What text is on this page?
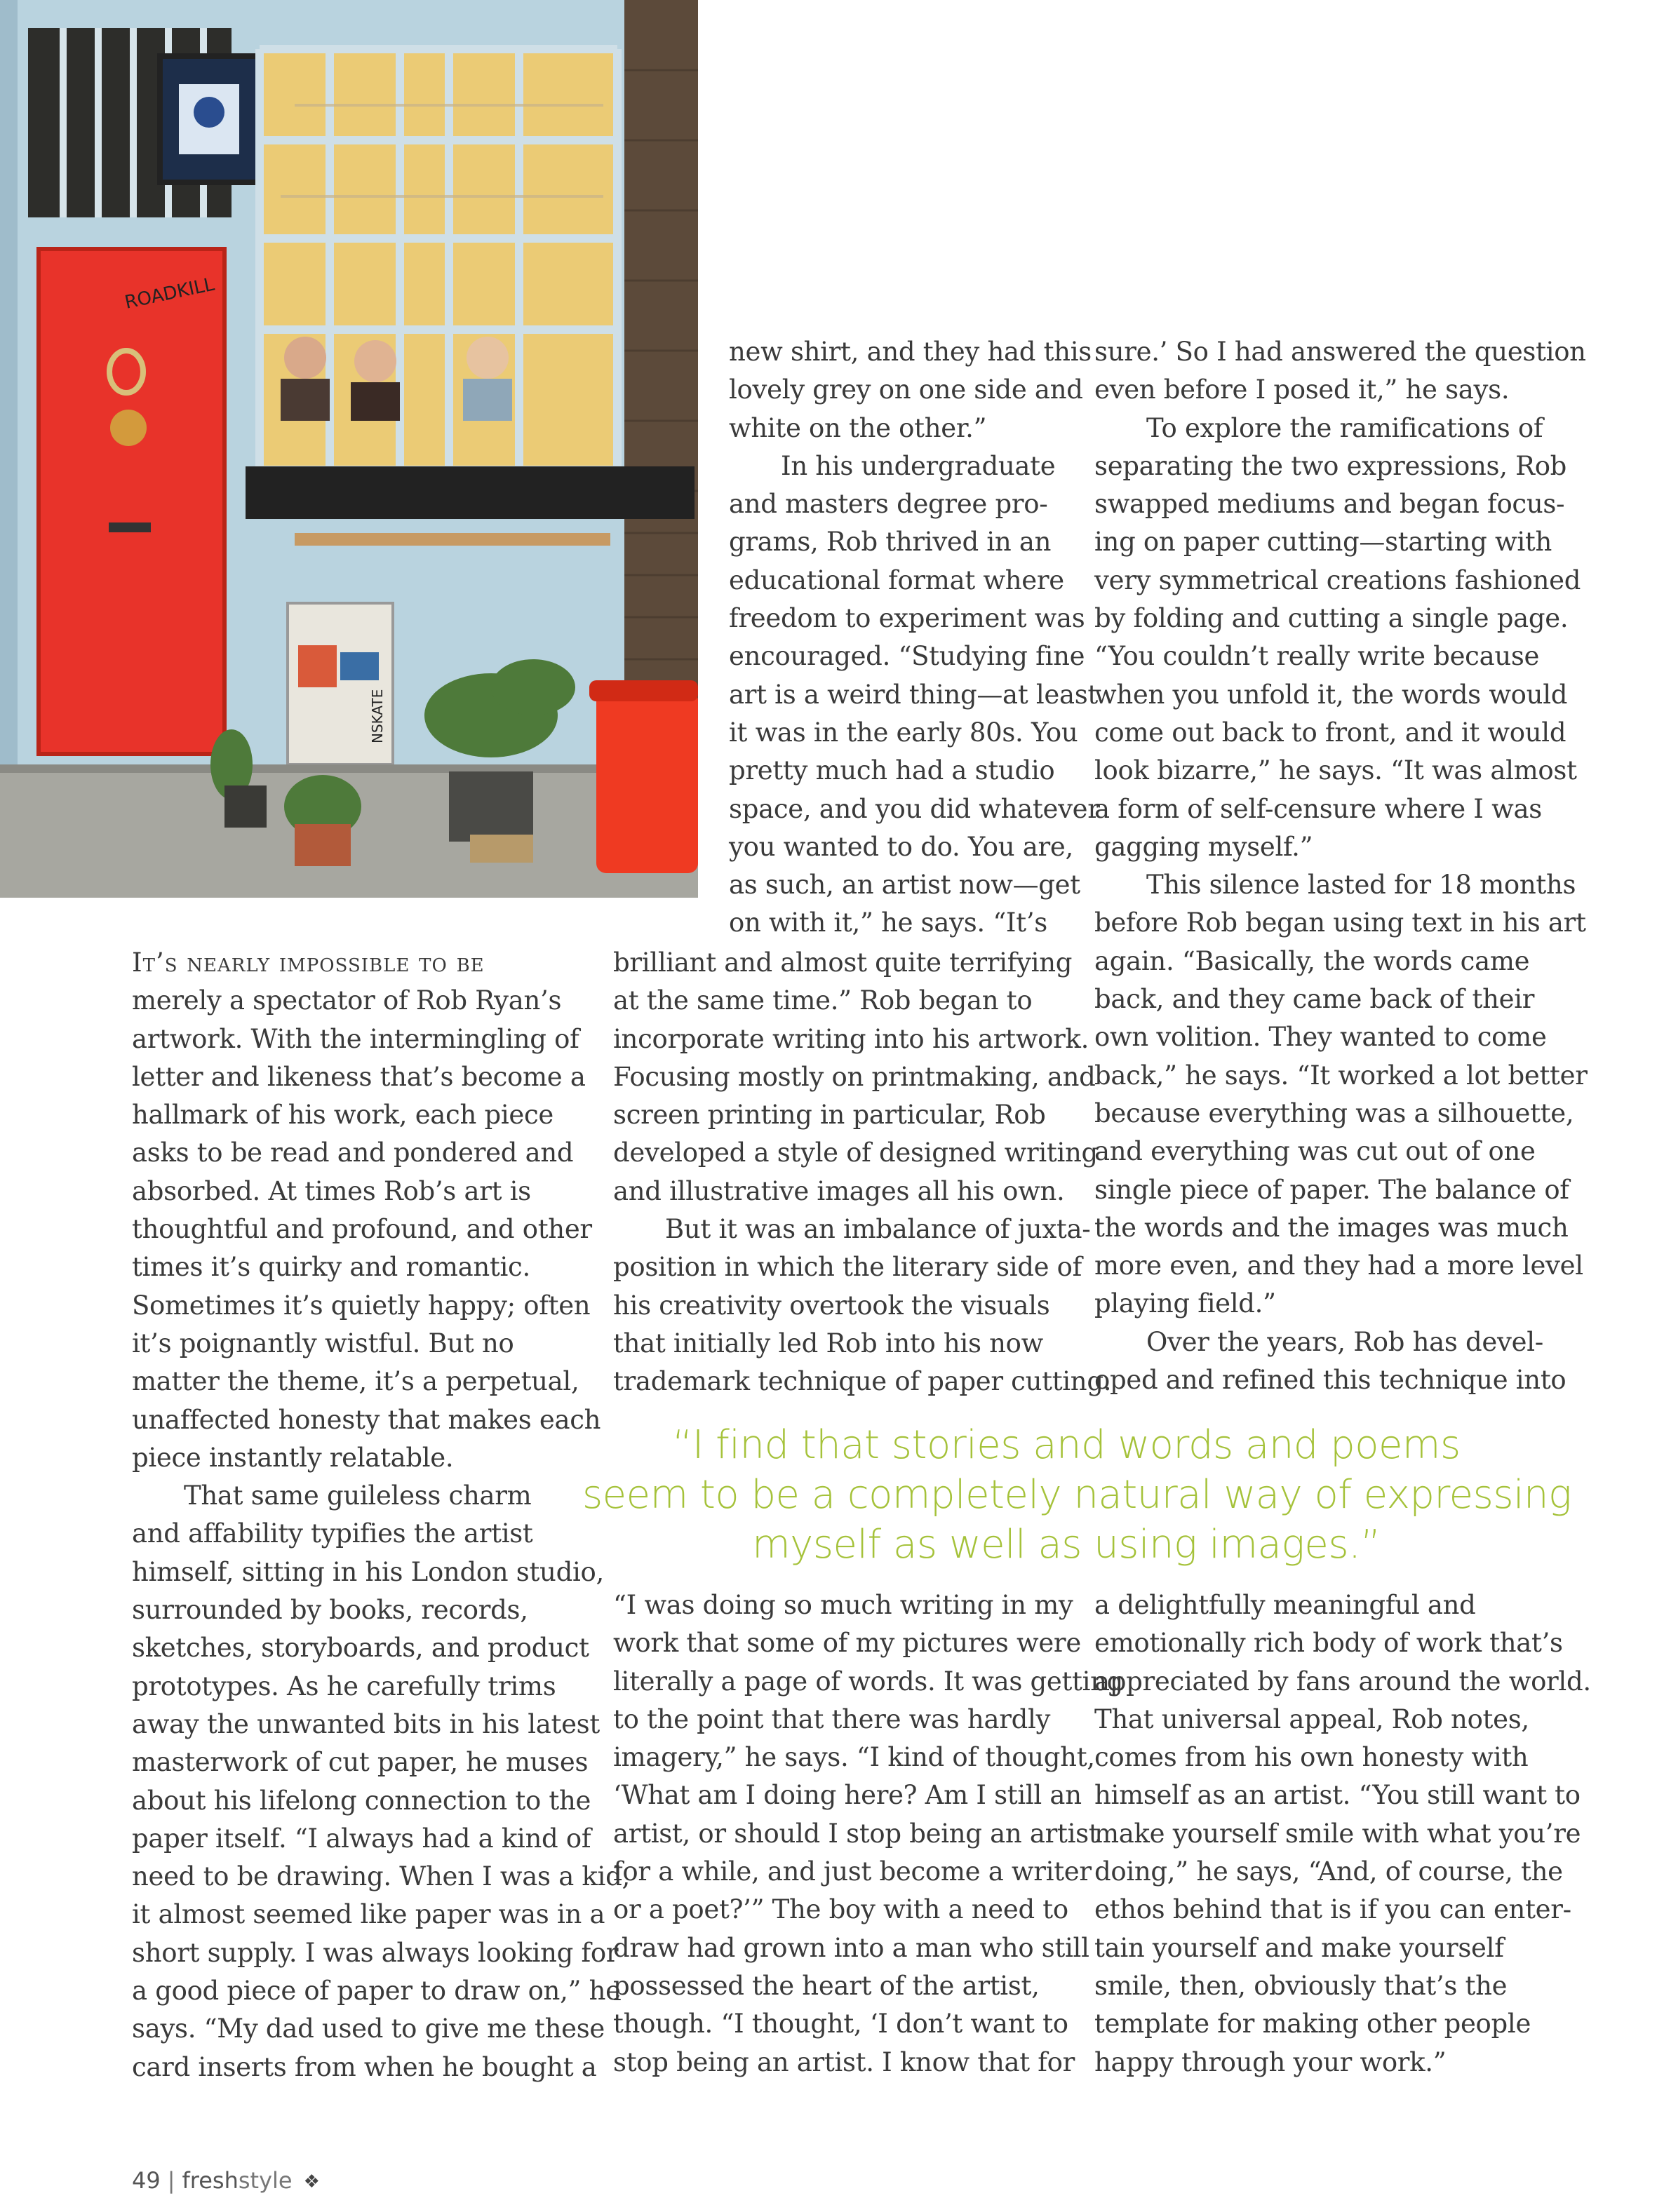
ROADKILL
NSKATE

It’s nearly impossible to be

merely a spectator of Rob Ryan’s

artwork. With the intermingling of

letter and likeness that’s become a

hallmark of his work, each piece

asks to be read and pondered and

absorbed. At times Rob’s art is

thoughtful and profound, and other

times it’s quirky and romantic.

Sometimes it’s quietly happy; often

it’s poignantly wistful. But no

matter the theme, it’s a perpetual,

unaffected honesty that makes each

piece instantly relatable.

That same guileless charm

and affability typifies the artist

himself, sitting in his London studio,

surrounded by books, records,

sketches, storyboards, and product

prototypes. As he carefully trims

away the unwanted bits in his latest

masterwork of cut paper, he muses

about his lifelong connection to the

paper itself. “I always had a kind of

need to be drawing. When I was a kid,

it almost seemed like paper was in a

short supply. I was always looking for

a good piece of paper to draw on,” he

says. “My dad used to give me these

card inserts from when he bought a

new shirt, and they had this

lovely grey on one side and

white on the other.”

In his undergraduate

and masters degree pro-

grams, Rob thrived in an

educational format where

freedom to experiment was

encouraged. “Studying fine

art is a weird thing—at least

it was in the early 80s. You

pretty much had a studio

space, and you did whatever

you wanted to do. You are,

as such, an artist now—get

on with it,” he says. “It’s

brilliant and almost quite terrifying

at the same time.” Rob began to

incorporate writing into his artwork.

Focusing mostly on printmaking, and

screen printing in particular, Rob

developed a style of designed writing

and illustrative images all his own.

But it was an imbalance of juxta-

position in which the literary side of

his creativity overtook the visuals

that initially led Rob into his now

trademark technique of paper cutting.

sure.’ So I had answered the question

even before I posed it,” he says.

To explore the ramifications of

separating the two expressions, Rob

swapped mediums and began focus-

ing on paper cutting—starting with

very symmetrical creations fashioned

by folding and cutting a single page.

“You couldn’t really write because

when you unfold it, the words would

come out back to front, and it would

look bizarre,” he says. “It was almost

a form of self-censure where I was

gagging myself.”

This silence lasted for 18 months

before Rob began using text in his art

again. “Basically, the words came

back, and they came back of their

own volition. They wanted to come

back,” he says. “It worked a lot better

because everything was a silhouette,

and everything was cut out of one

single piece of paper. The balance of

the words and the images was much

more even, and they had a more level

playing field.”

Over the years, Rob has devel-

oped and refined this technique into

“I find that stories and words and poems
seem to be a completely natural way of expressing
myself as well as using images.”

“I was doing so much writing in my

work that some of my pictures were

literally a page of words. It was getting

to the point that there was hardly

imagery,” he says. “I kind of thought,

‘What am I doing here? Am I still an

artist, or should I stop being an artist

for a while, and just become a writer

or a poet?’” The boy with a need to

draw had grown into a man who still

possessed the heart of the artist,

though. “I thought, ‘I don’t want to

stop being an artist. I know that for

a delightfully meaningful and

emotionally rich body of work that’s

appreciated by fans around the world.

That universal appeal, Rob notes,

comes from his own honesty with

himself as an artist. “You still want to

make yourself smile with what you’re

doing,” he says, “And, of course, the

ethos behind that is if you can enter-

tain yourself and make yourself

smile, then, obviously that’s the

template for making other people

happy through your work.”

49 | freshstyle ❖
